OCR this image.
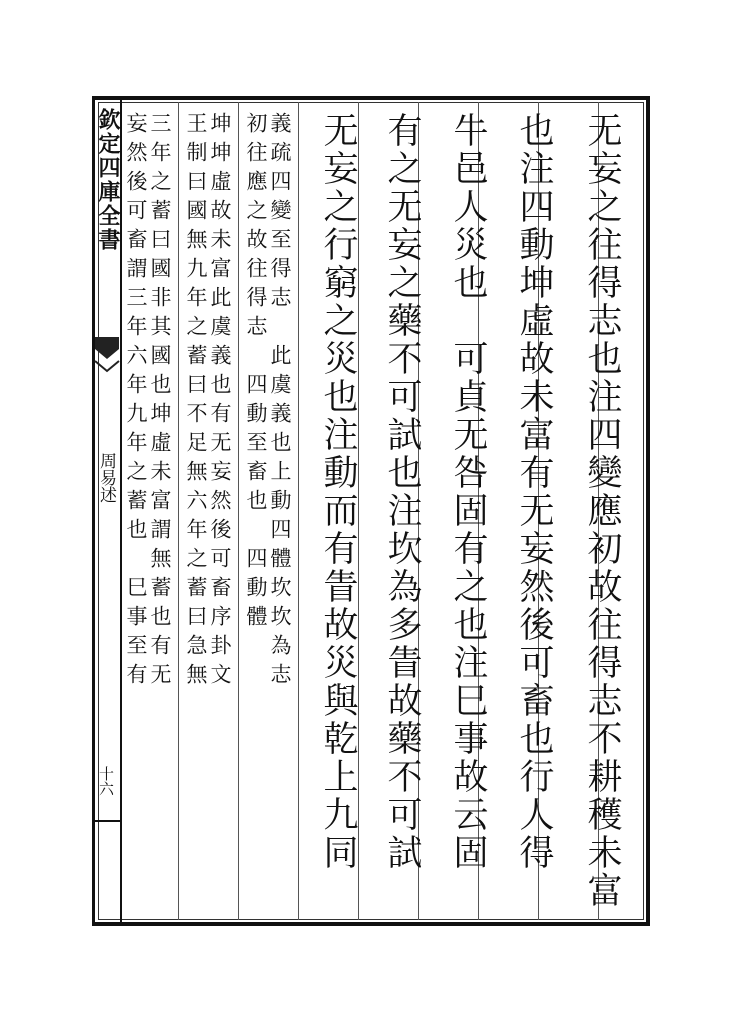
欽定四庫全書
周易述
十六	无妄之往得志也注四變應初故往得志不耕穫未富
也注四動坤虛故未富有无妄然後可畜也行人得
牛邑人災也　可貞无咎固有之也注巳事故云固
有之无妄之藥不可試也注坎為多眚故藥不可試
无妄之行窮之災也注動而有眚故災與乾上九同
義疏四變至得志　此虞義也上動四體坎坎為志
初往應之故往得志　四動至畜也　四動體
坤坤虛故未富此虞義也有无妄然後可畜序卦文
王制曰國無九年之蓄曰不足無六年之蓄曰急無
三年之蓄曰國非其國也坤虛未富謂無蓄也有无
妄然後可畜謂三年六年九年之蓄也　巳事至有
